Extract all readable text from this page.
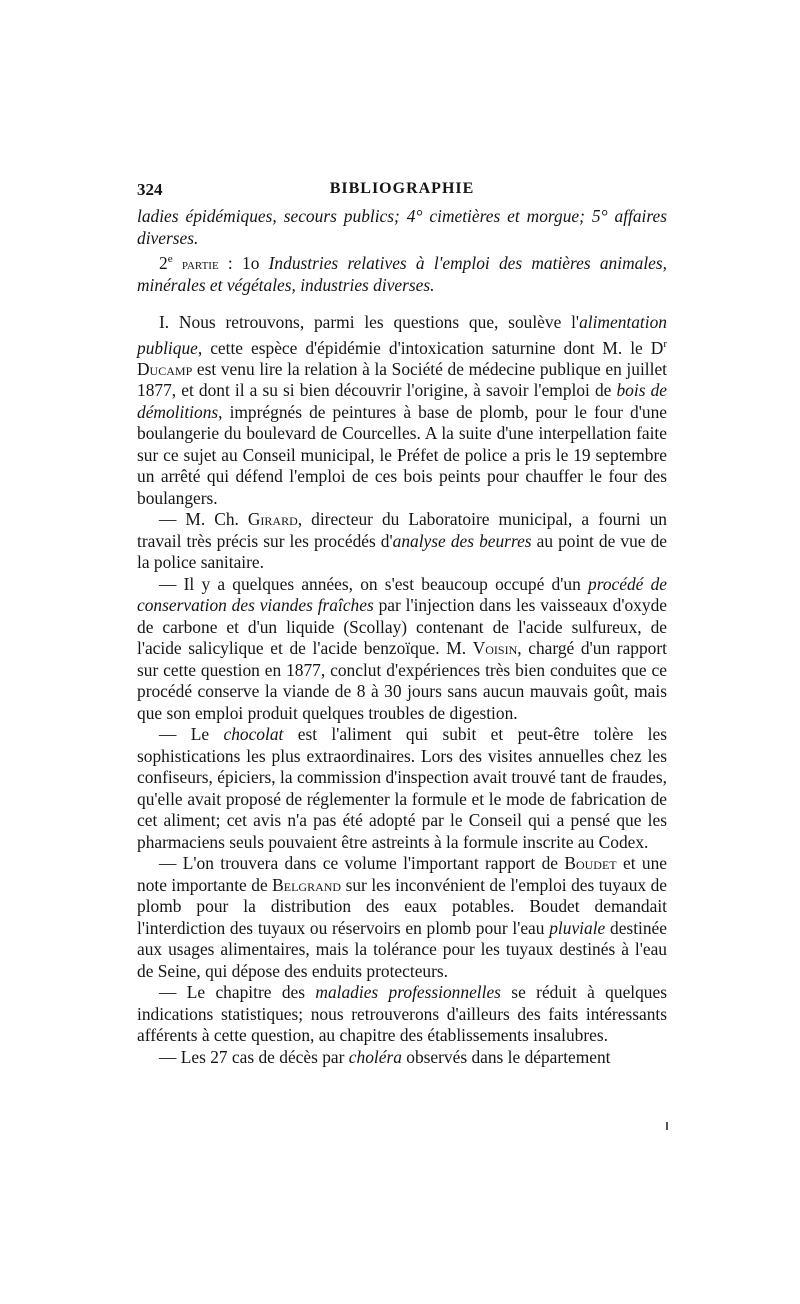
324	BIBLIOGRAPHIE

ladies épidémiques, secours publics; 4° cimetières et morgue; 5° affaires diverses.

2e partie : 1o Industries relatives à l'emploi des matières animales, minérales et végétales, industries diverses.

I. Nous retrouvons, parmi les questions que, soulève l'alimentation publique, cette espèce d'épidémie d'intoxication saturnine dont M. le $D^r$ Ducamp est venu lire la relation à la Société de médecine publique en juillet 1877, et dont il a su si bien découvrir l'origine, à savoir l'emploi de bois de démolitions, imprégnés de peintures à base de plomb, pour le four d'une boulangerie du boulevard de Courcelles. A la suite d'une interpellation faite sur ce sujet au Conseil municipal, le Préfet de police a pris le 19 septembre un arrêté qui défend l'emploi de ces bois peints pour chauffer le four des boulangers.

— M. Ch. Girard, directeur du Laboratoire municipal, a fourni un travail très précis sur les procédés d'analyse des beurres au point de vue de la police sanitaire.

— Il y a quelques années, on s'est beaucoup occupé d'un procédé de conservation des viandes fraîches par l'injection dans les vaisseaux d'oxyde de carbone et d'un liquide (Scollay) contenant de l'acide sulfureux, de l'acide salicylique et de l'acide benzoïque. M. Voisin, chargé d'un rapport sur cette question en 1877, conclut d'expériences très bien conduites que ce procédé conserve la viande de 8 à 30 jours sans aucun mauvais goût, mais que son emploi produit quelques troubles de digestion.

— Le chocolat est l'aliment qui subit et peut-être tolère les sophistications les plus extraordinaires. Lors des visites annuelles chez les confiseurs, épiciers, la commission d'inspection avait trouvé tant de fraudes, qu'elle avait proposé de réglementer la formule et le mode de fabrication de cet aliment; cet avis n'a pas été adopté par le Conseil qui a pensé que les pharmaciens seuls pouvaient être astreints à la formule inscrite au Codex.

— L'on trouvera dans ce volume l'important rapport de Boudet et une note importante de Belgrand sur les inconvénient de l'emploi des tuyaux de plomb pour la distribution des eaux potables. Boudet demandait l'interdiction des tuyaux ou réservoirs en plomb pour l'eau pluviale destinée aux usages alimentaires, mais la tolérance pour les tuyaux destinés à l'eau de Seine, qui dépose des enduits protecteurs.

— Le chapitre des maladies professionnelles se réduit à quelques indications statistiques; nous retrouverons d'ailleurs des faits intéressants afférents à cette question, au chapitre des établissements insalubres.

— Les 27 cas de décès par choléra observés dans le département
